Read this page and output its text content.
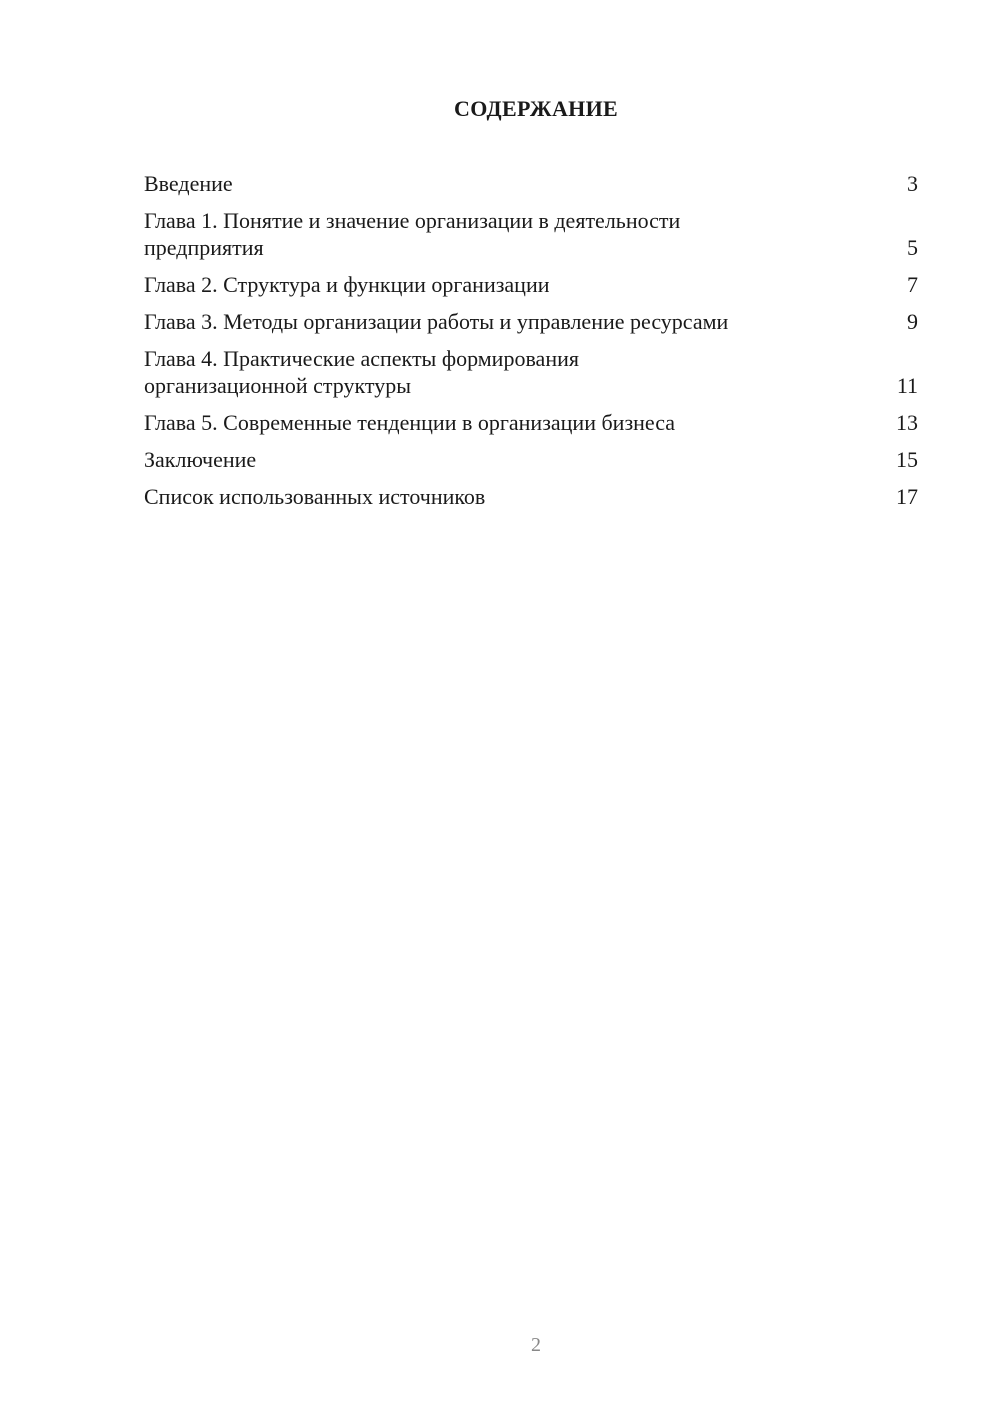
СОДЕРЖАНИЕ
Введение	3
Глава 1. Понятие и значение организации в деятельности
предприятия	5
Глава 2. Структура и функции организации	7
Глава 3. Методы организации работы и управление ресурсами	9
Глава 4. Практические аспекты формирования
организационной структуры	11
Глава 5. Современные тенденции в организации бизнеса	13
Заключение	15
Список использованных источников	17
2
